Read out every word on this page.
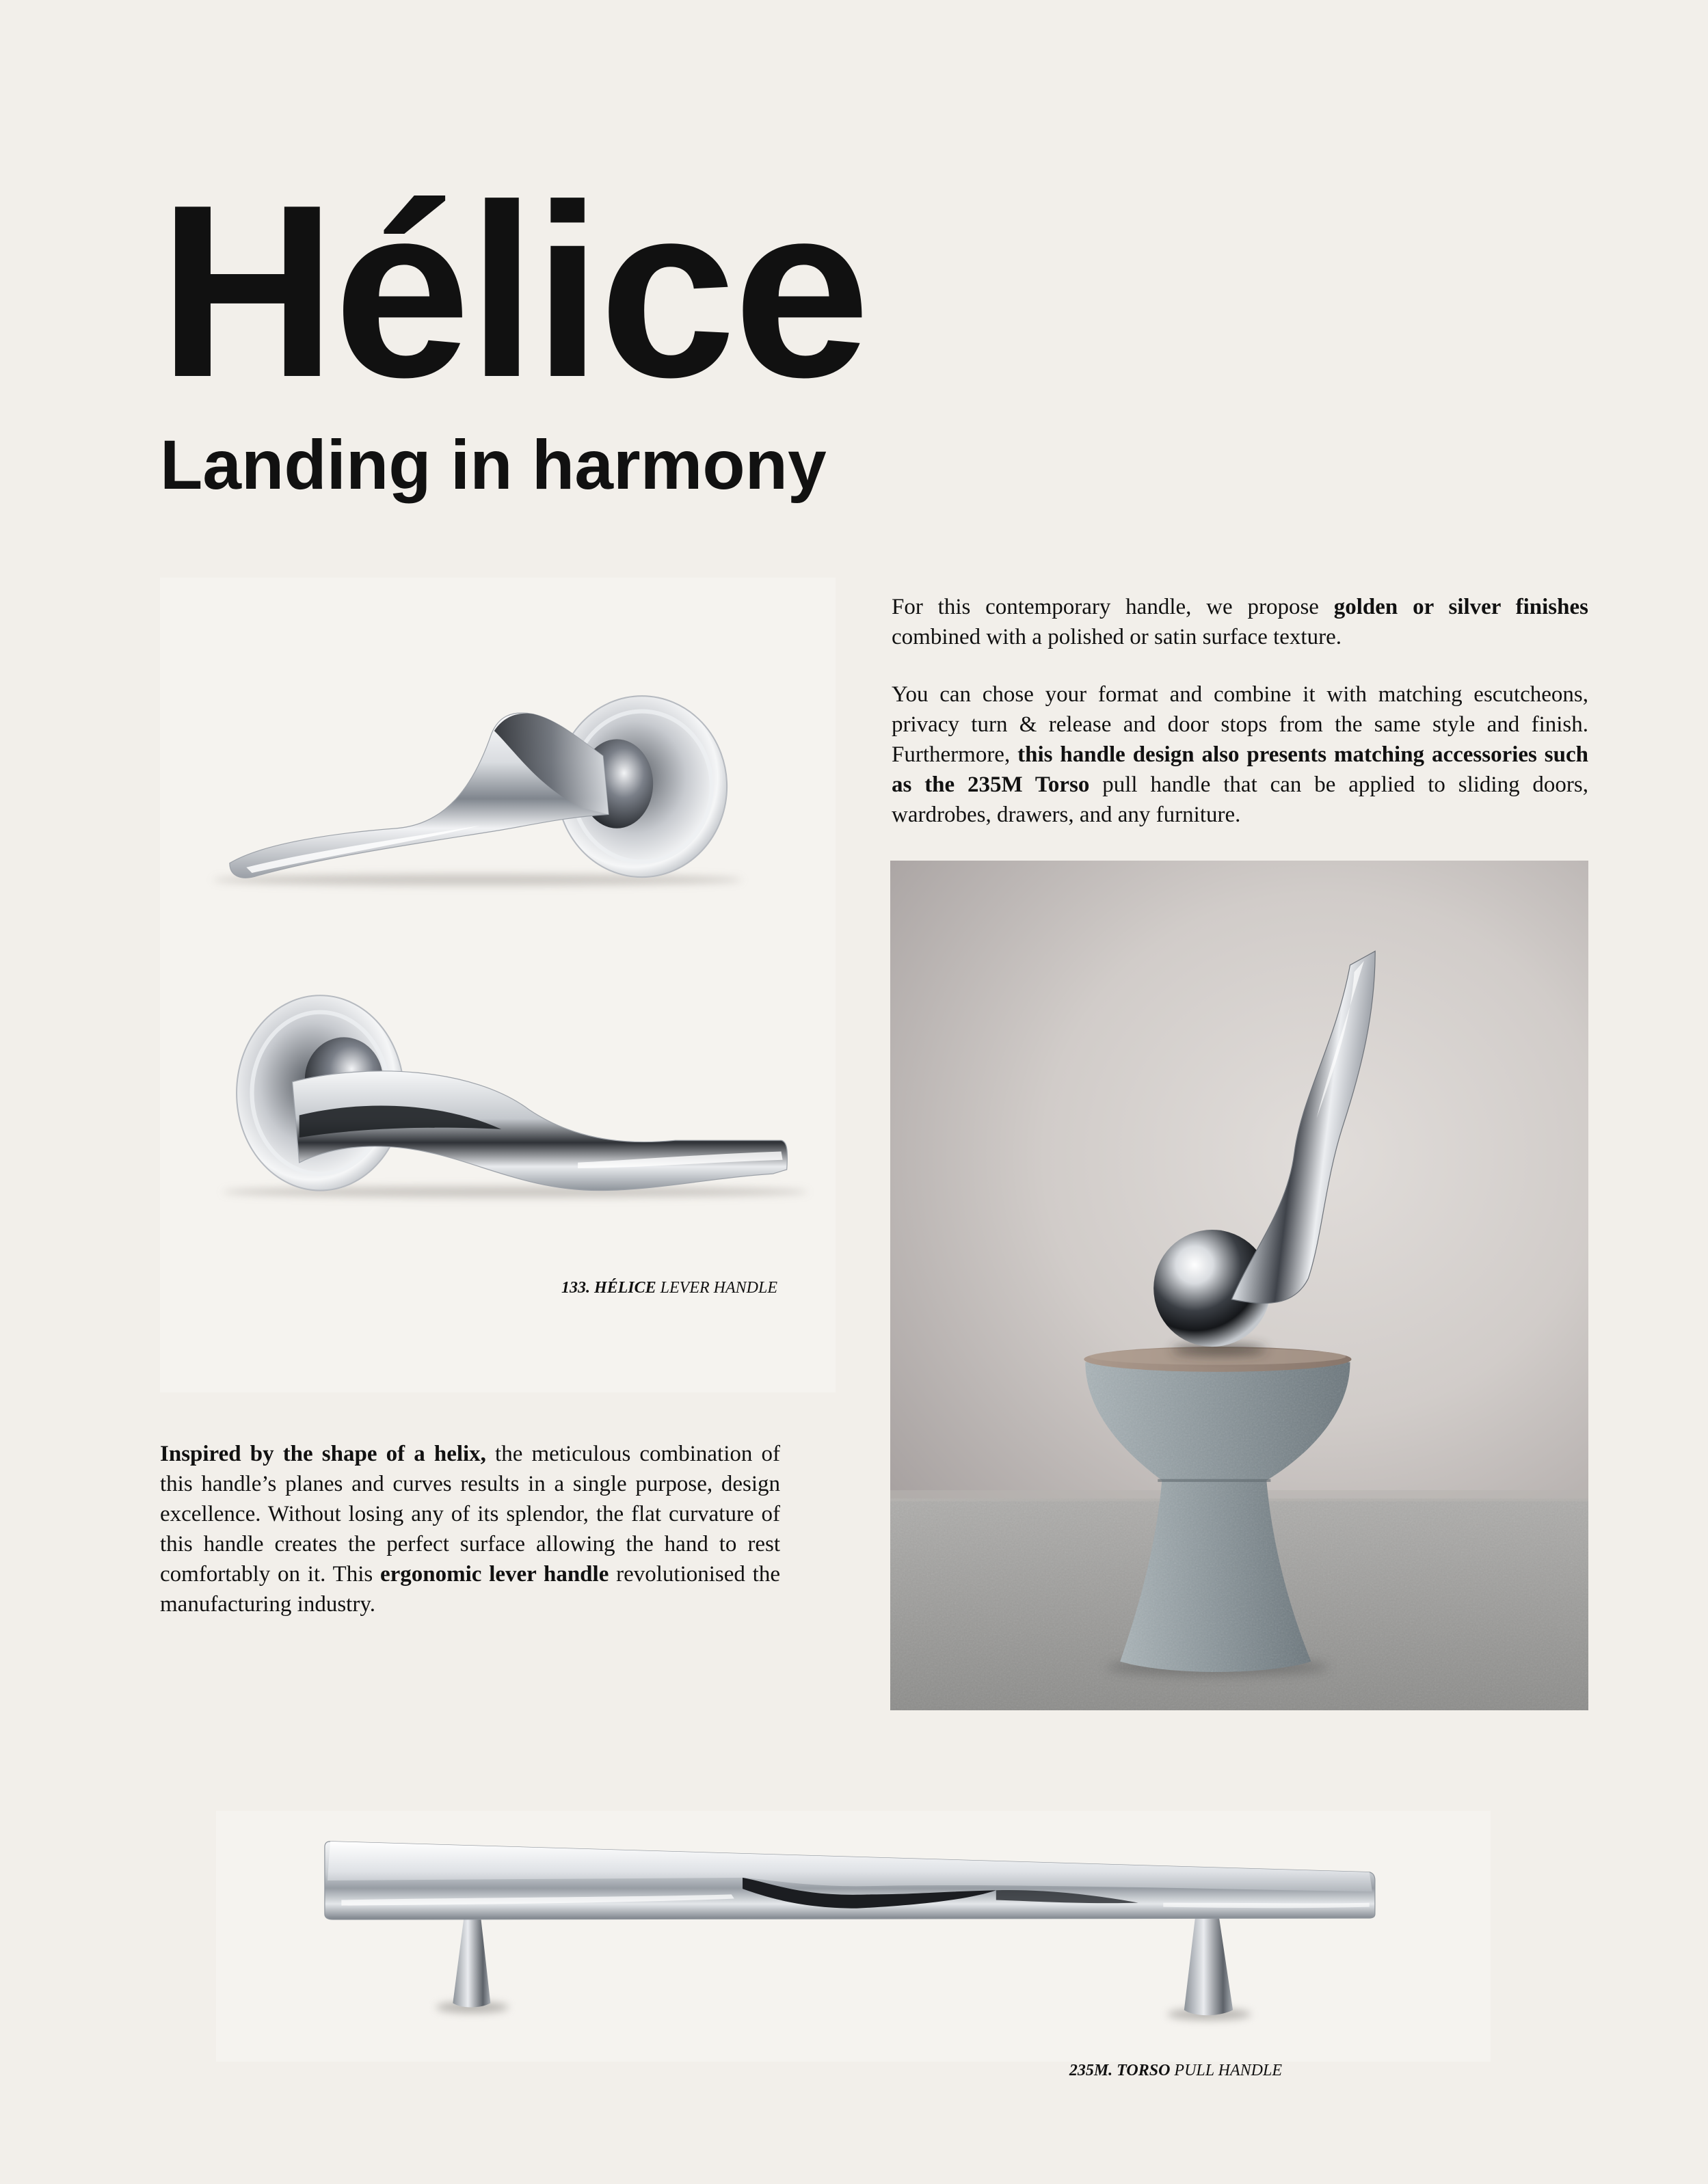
Hélice
Landing in harmony

133. HÉLICE LEVER HANDLE

For this contemporary handle, we propose golden or silver finishes combined with a polished or satin surface texture.

You can chose your format and combine it with matching escutcheons, privacy turn & release and door stops from the same style and finish. Furthermore, this handle design also presents matching accessories such as the 235M Torso pull handle that can be applied to sliding doors, wardrobes, drawers, and any furniture.

Inspired by the shape of a helix, the meticulous combination of this handle’s planes and curves results in a single purpose, design excellence. Without losing any of its splendor, the flat curvature of this handle creates the perfect surface allowing the hand to rest comfortably on it. This ergonomic lever handle revolutionised the manufacturing industry.

235M. TORSO PULL HANDLE
